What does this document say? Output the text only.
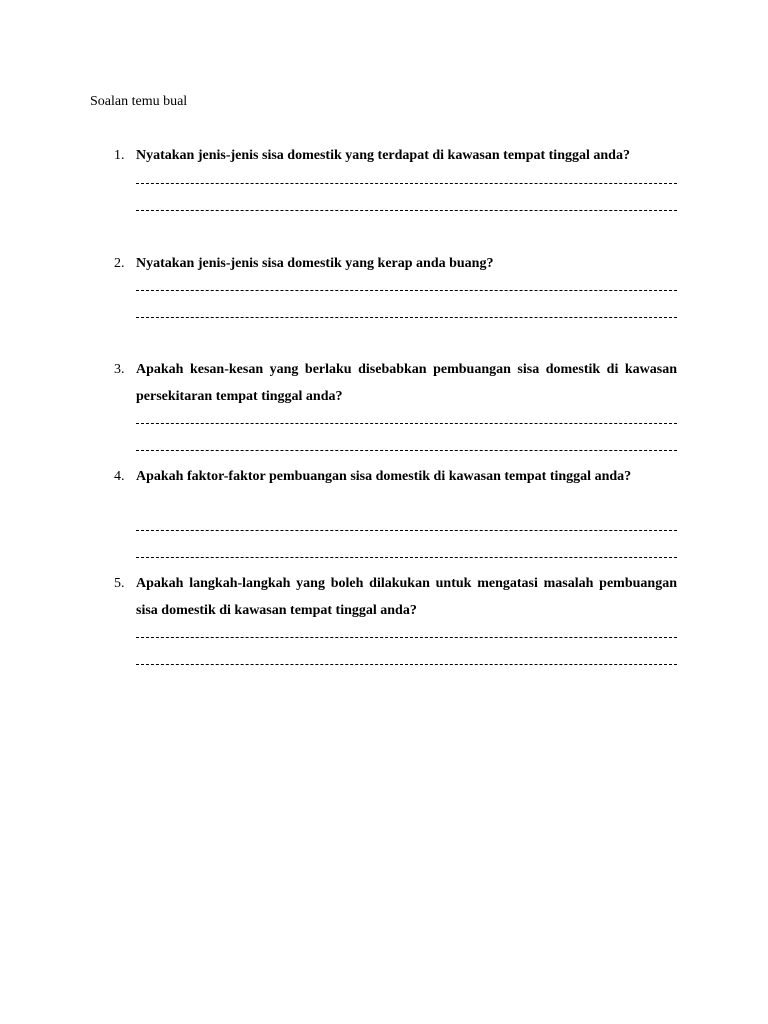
Soalan temu bual
1. Nyatakan jenis-jenis sisa domestik yang terdapat di kawasan tempat tinggal anda?
2. Nyatakan jenis-jenis sisa domestik yang kerap anda buang?
3. Apakah kesan-kesan yang berlaku disebabkan pembuangan sisa domestik di kawasan persekitaran tempat tinggal anda?
4. Apakah faktor-faktor pembuangan sisa domestik di kawasan tempat tinggal anda?
5. Apakah langkah-langkah yang boleh dilakukan untuk mengatasi masalah pembuangan sisa domestik di kawasan tempat tinggal anda?
